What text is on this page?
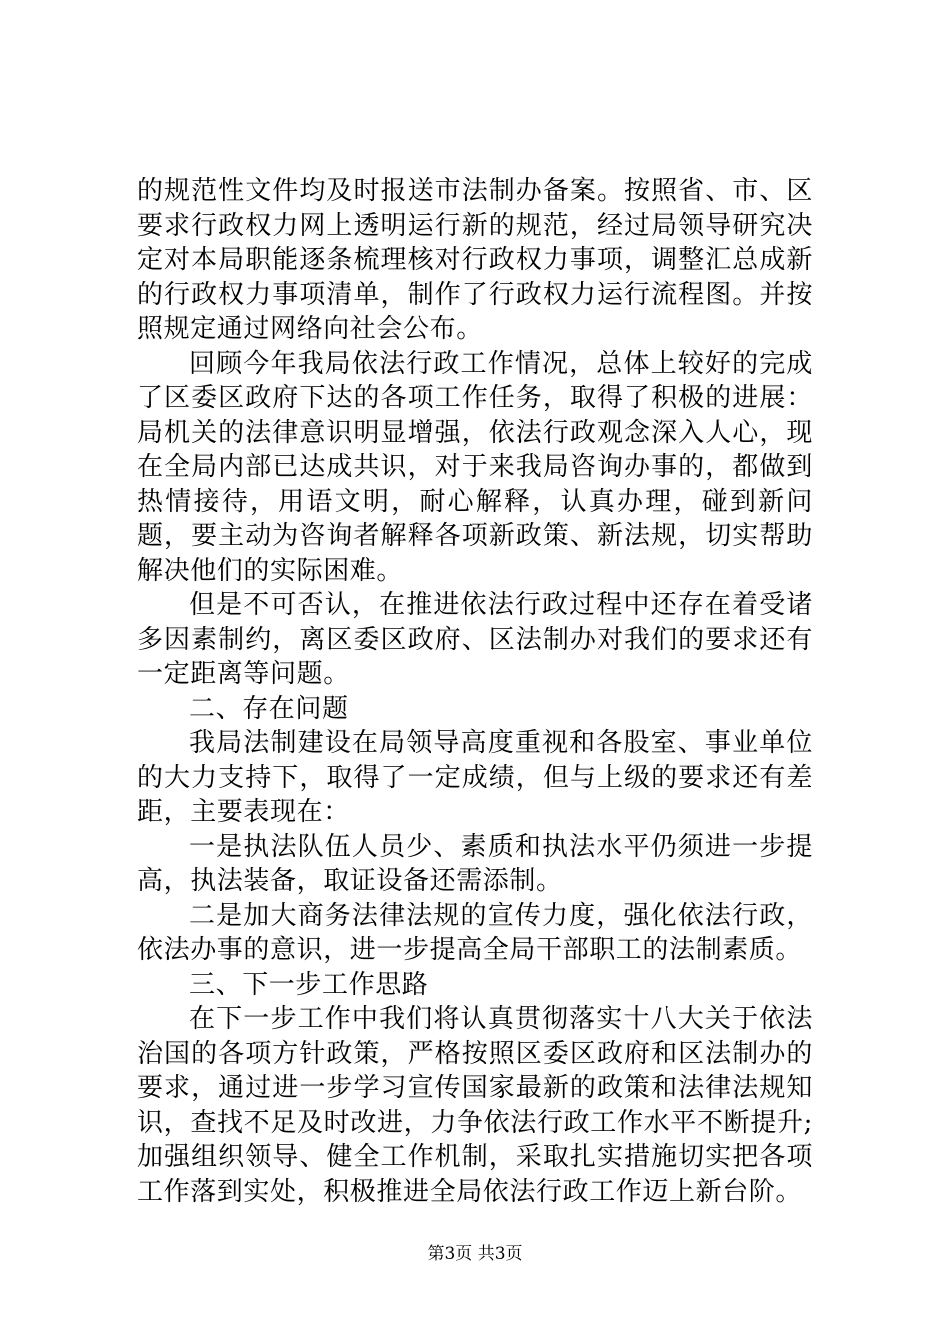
的规范性文件均及时报送市法制办备案。按照省、市、区要求行政权力网上透明运行新的规范，经过局领导研究决定对本局职能逐条梳理核对行政权力事项，调整汇总成新的行政权力事项清单，制作了行政权力运行流程图。并按照规定通过网络向社会公布。

回顾今年我局依法行政工作情况，总体上较好的完成了区委区政府下达的各项工作任务，取得了积极的进展：局机关的法律意识明显增强，依法行政观念深入人心，现在全局内部已达成共识，对于来我局咨询办事的，都做到热情接待，用语文明，耐心解释，认真办理，碰到新问题，要主动为咨询者解释各项新政策、新法规，切实帮助解决他们的实际困难。

但是不可否认，在推进依法行政过程中还存在着受诸多因素制约，离区委区政府、区法制办对我们的要求还有一定距离等问题。

二、存在问题

我局法制建设在局领导高度重视和各股室、事业单位的大力支持下，取得了一定成绩，但与上级的要求还有差距，主要表现在：

一是执法队伍人员少、素质和执法水平仍须进一步提高，执法装备，取证设备还需添制。

二是加大商务法律法规的宣传力度，强化依法行政，依法办事的意识，进一步提高全局干部职工的法制素质。

三、下一步工作思路

在下一步工作中我们将认真贯彻落实十八大关于依法治国的各项方针政策，严格按照区委区政府和区法制办的要求，通过进一步学习宣传国家最新的政策和法律法规知识，查找不足及时改进，力争依法行政工作水平不断提升;加强组织领导、健全工作机制，采取扎实措施切实把各项工作落到实处，积极推进全局依法行政工作迈上新台阶。

第3页 共3页
